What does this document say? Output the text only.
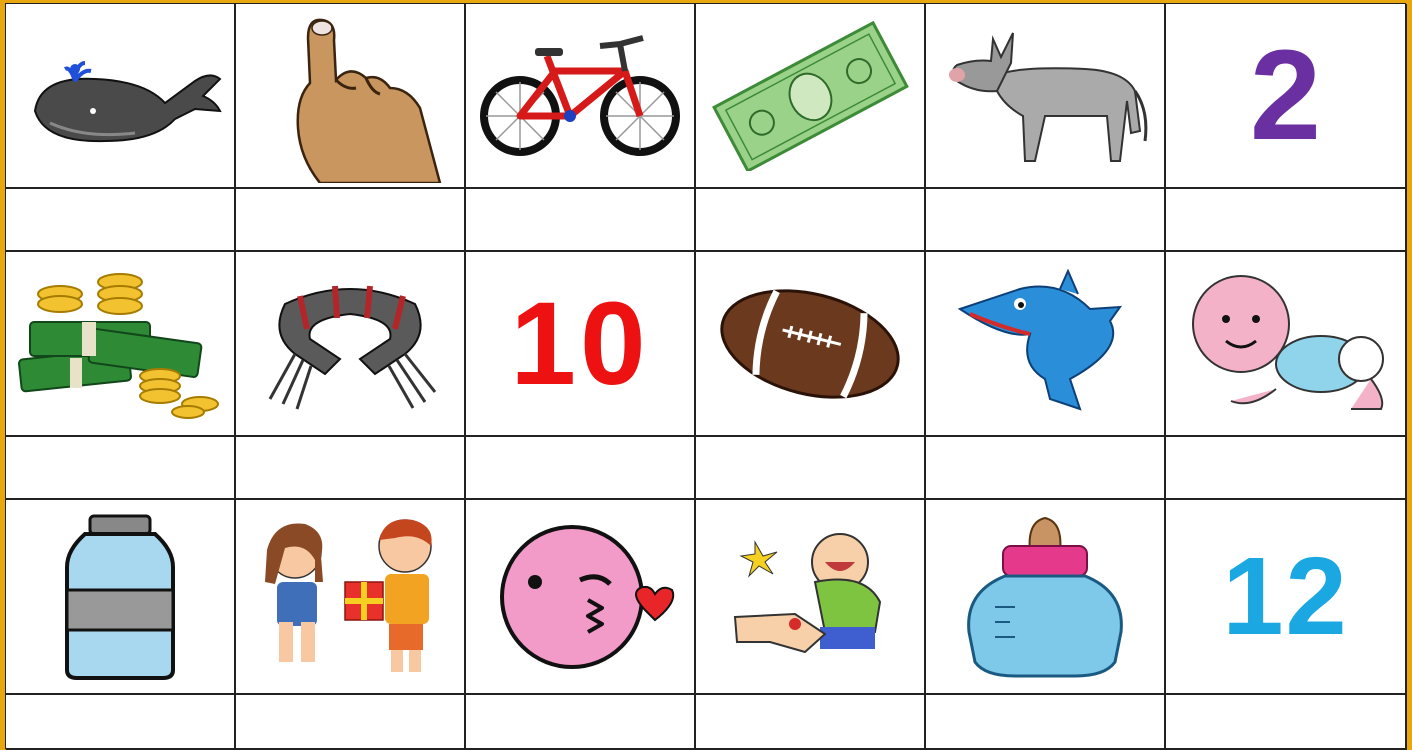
2
10
12
